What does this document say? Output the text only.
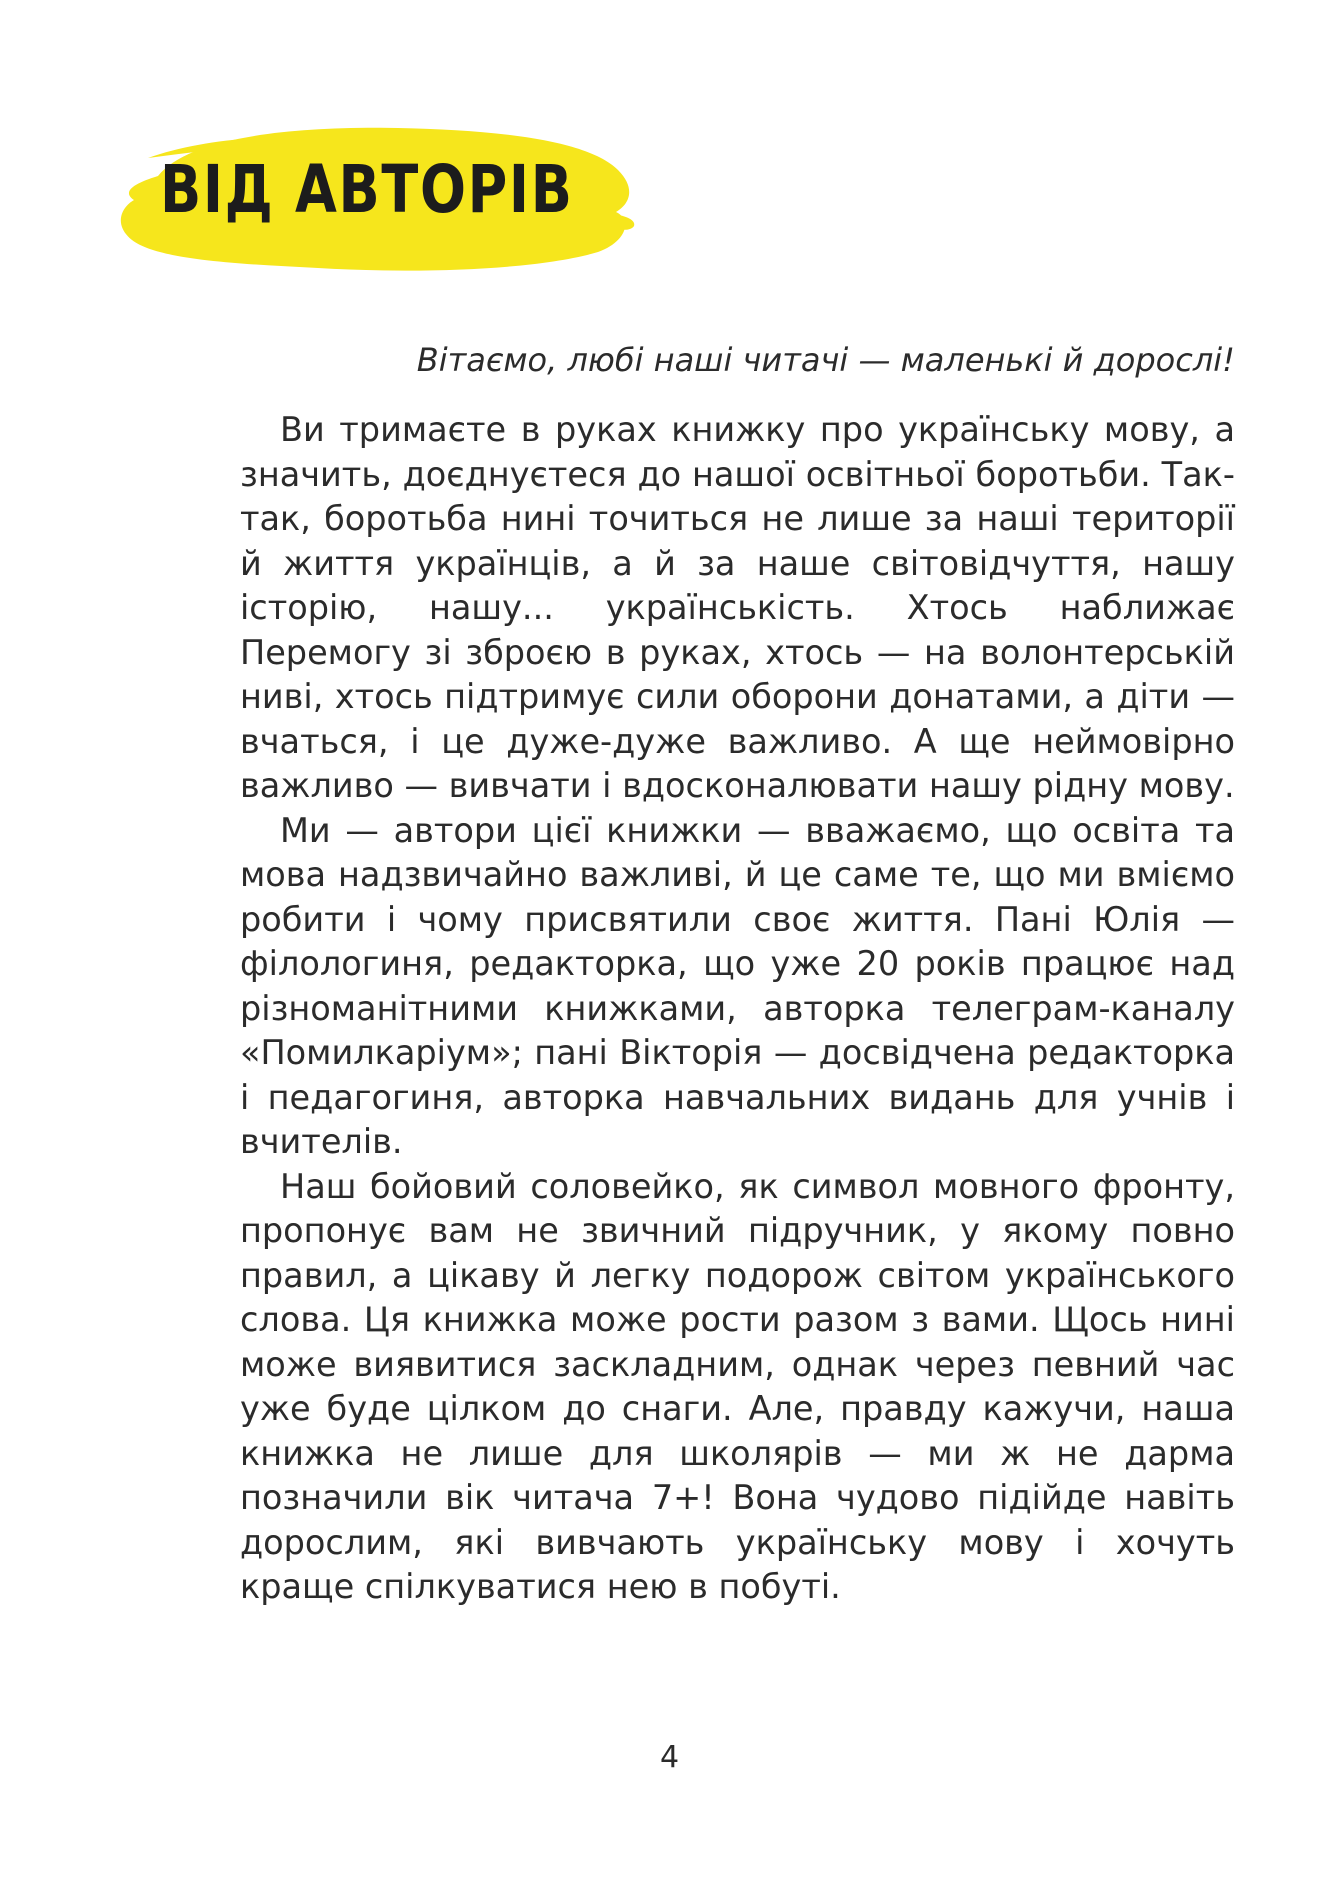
ВІД АВТОРІВ

Вітаємо, любі наші читачі — маленькі й дорослі!

Ви тримаєте в руках книжку про українську мову, а значить, доєднуєтеся до нашої освітньої боротьби. Так-так, боротьба нині точиться не лише за наші території й життя українців, а й за наше світовідчуття, нашу історію, нашу... українськість. Хтось наближає Перемогу зі зброєю в руках, хтось — на волонтерській ниві, хтось підтримує сили оборони донатами, а діти — вчаться, і це дуже-дуже важливо. А ще неймовірно важливо — вивчати і вдосконалювати нашу рідну мову.

Ми — автори цієї книжки — вважаємо, що освіта та мова надзвичайно важливі, й це саме те, що ми вміємо робити і чому присвятили своє життя. Пані Юлія — філологиня, редакторка, що уже 20 років працює над різноманітними книжками, авторка телеграм-каналу «Помилкаріум»; пані Вікторія — досвідчена редакторка і педагогиня, авторка навчальних видань для учнів і вчителів.

Наш бойовий соловейко, як символ мовного фронту, пропонує вам не звичний підручник, у якому повно правил, а цікаву й легку подорож світом українського слова. Ця книжка може рости разом з вами. Щось нині може виявитися заскладним, однак через певний час уже буде цілком до снаги. Але, правду кажучи, наша книжка не лише для школярів — ми ж не дарма позначили вік читача 7+! Вона чудово підійде навіть дорослим, які вивчають українську мову і хочуть краще спілкуватися нею в побуті.

4
